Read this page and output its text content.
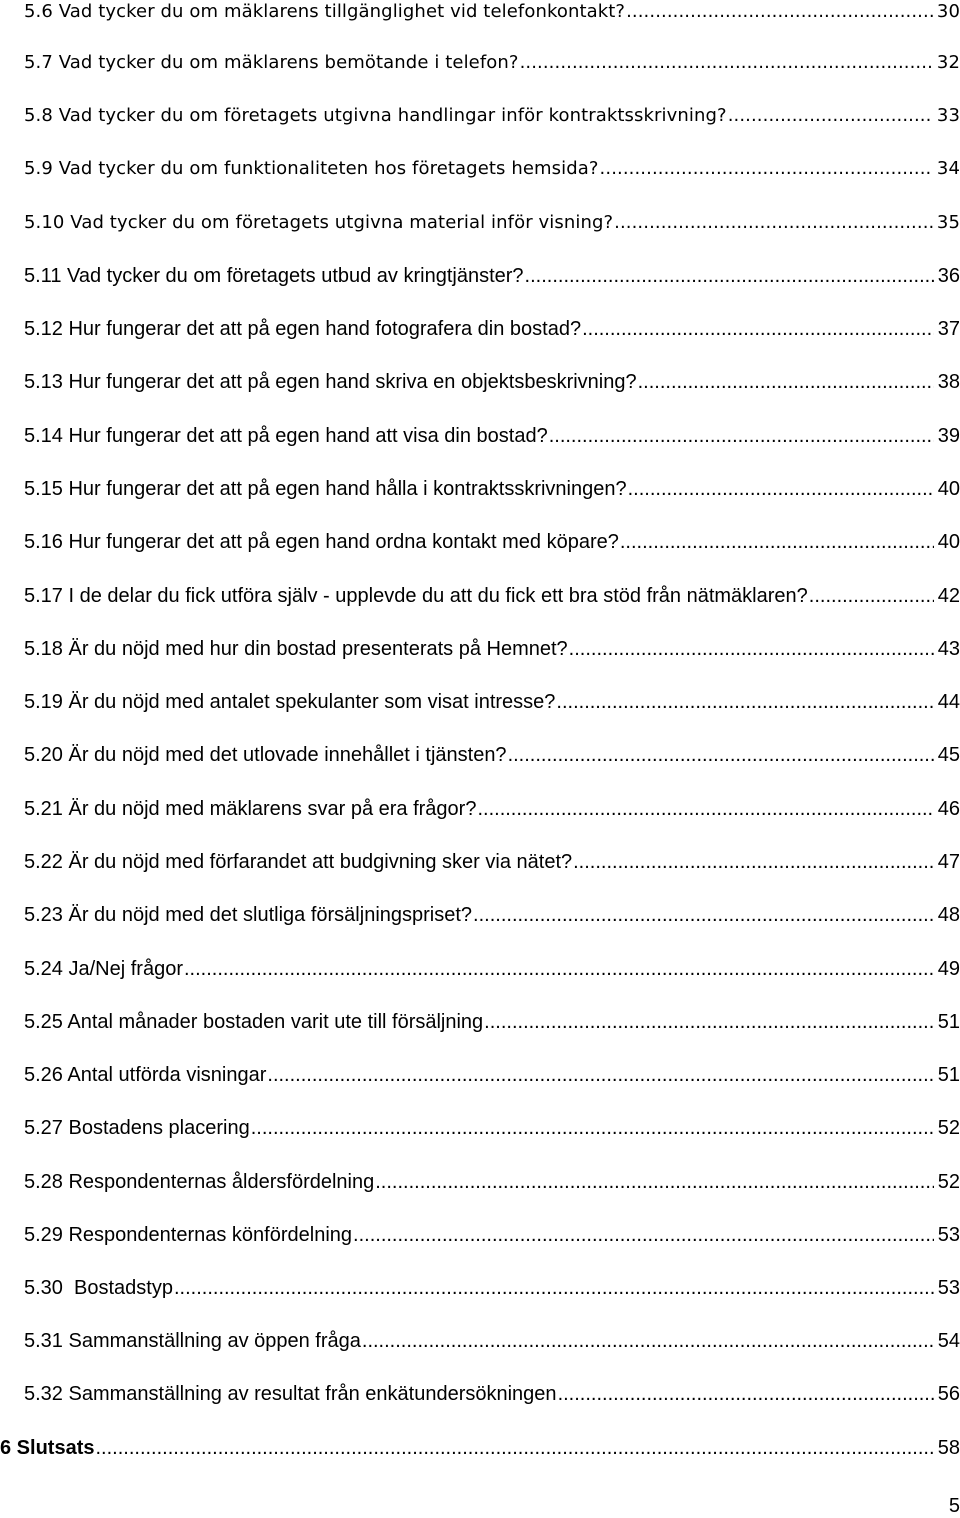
5.6 Vad tycker du om mäklarens tillgänglighet vid telefonkontakt? .....	30
5.7 Vad tycker du om mäklarens bemötande i telefon? .....	32
5.8 Vad tycker du om företagets utgivna handlingar inför kontraktsskrivning? .....	33
5.9 Vad tycker du om funktionaliteten hos företagets hemsida? .....	34
5.10 Vad tycker du om företagets utgivna material inför visning? .....	35
5.11 Vad tycker du om företagets utbud av kringtjänster? .....	36
5.12 Hur fungerar det att på egen hand fotografera din bostad? .....	37
5.13 Hur fungerar det att på egen hand skriva en objektsbeskrivning? .....	38
5.14 Hur fungerar det att på egen hand att visa din bostad? .....	39
5.15 Hur fungerar det att på egen hand hålla i kontraktsskrivningen? .....	40
5.16 Hur fungerar det att på egen hand ordna kontakt med köpare? .....	40
5.17 I de delar du fick utföra själv - upplevde du att du fick ett bra stöd från nätmäklaren? .....	42
5.18 Är du nöjd med hur din bostad presenterats på Hemnet? .....	43
5.19 Är du nöjd med antalet spekulanter som visat intresse? .....	44
5.20 Är du nöjd med det utlovade innehållet i tjänsten? .....	45
5.21 Är du nöjd med mäklarens svar på era frågor? .....	46
5.22 Är du nöjd med förfarandet att budgivning sker via nätet? .....	47
5.23 Är du nöjd med det slutliga försäljningspriset? .....	48
5.24 Ja/Nej frågor .....	49
5.25 Antal månader bostaden varit ute till försäljning .....	51
5.26 Antal utförda visningar .....	51
5.27 Bostadens placering .....	52
5.28 Respondenternas åldersfördelning .....	52
5.29 Respondenternas könfördelning .....	53
5.30  Bostadstyp .....	53
5.31 Sammanställning av öppen fråga .....	54
5.32 Sammanställning av resultat från enkätundersökningen .....	56
6 Slutsats .....	58
5
